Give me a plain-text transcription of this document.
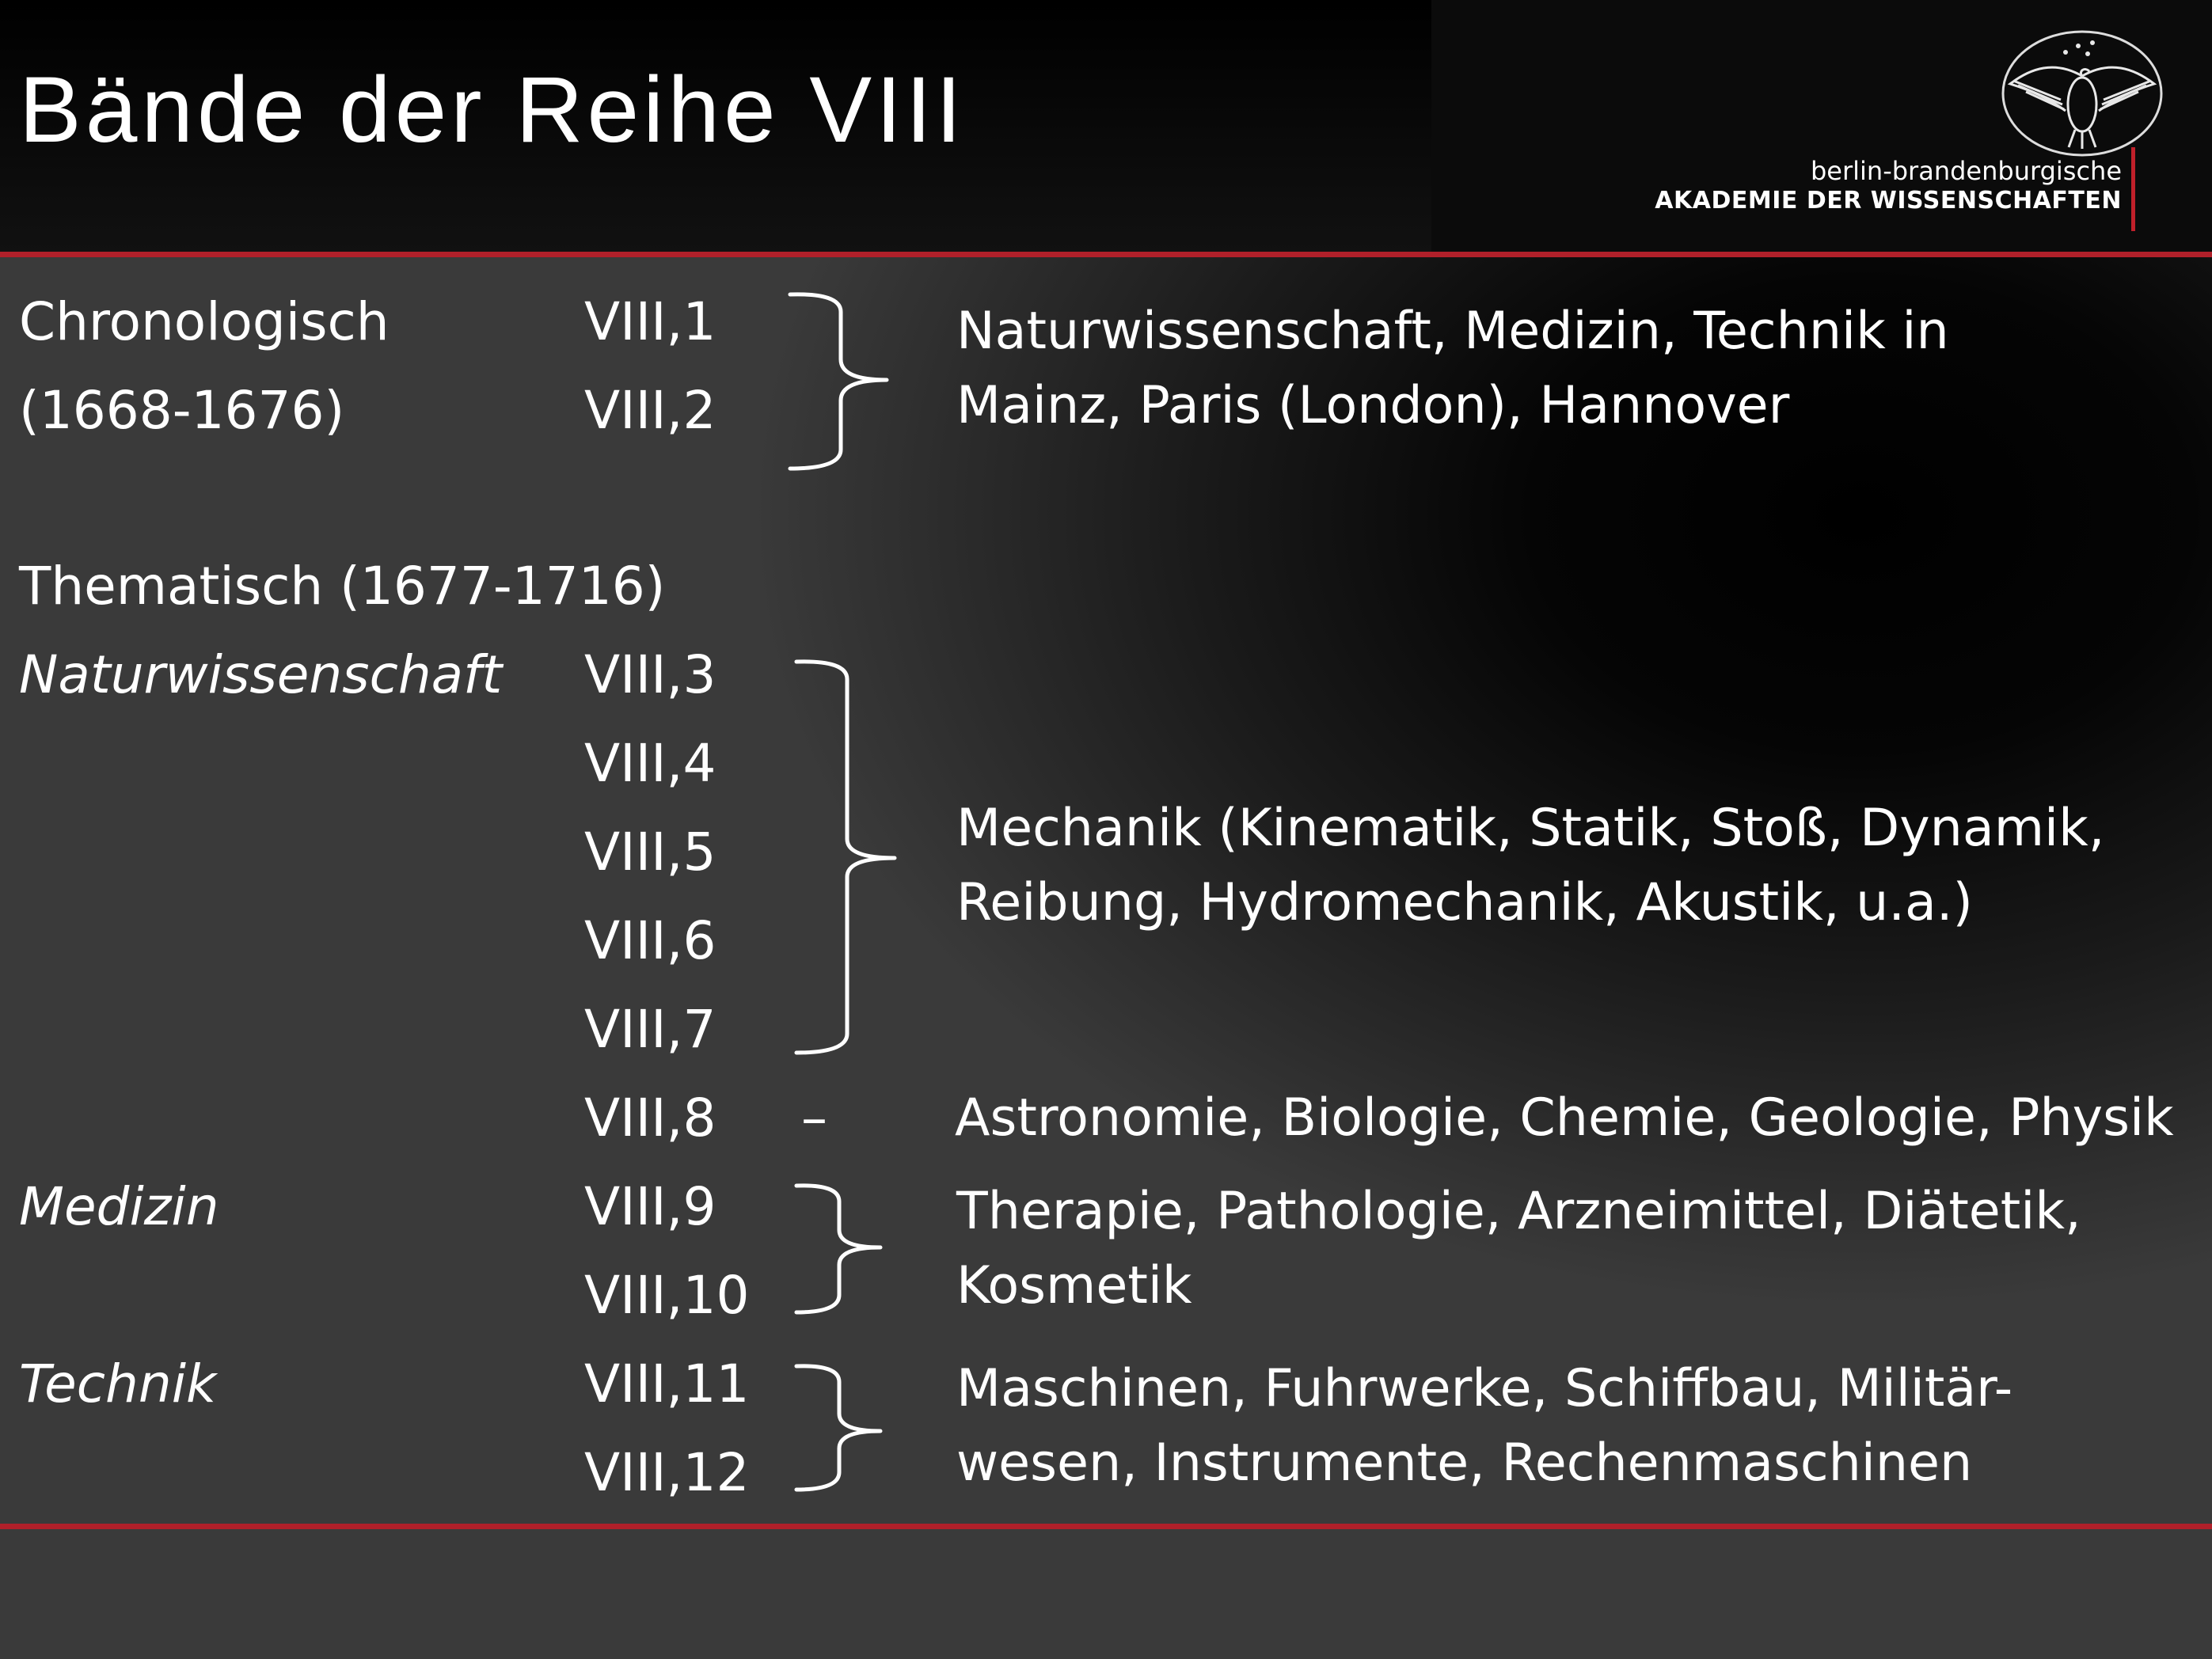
Bände der Reihe VIII
berlin-brandenburgische
AKADEMIE DER WISSENSCHAFTEN
Chronologisch
(1668-1676)
VIII,1
VIII,2
Naturwissenschaft, Medizin, Technik in
Mainz, Paris (London), Hannover
Thematisch (1677-1716)
Naturwissenschaft VIII,3
VIII,4
VIII,5
VIII,6
VIII,7
Mechanik (Kinematik, Statik, Stoß, Dynamik,
Reibung, Hydromechanik, Akustik, u.a.)
VIII,8 – Astronomie, Biologie, Chemie, Geologie, Physik
Medizin	VIII,9
VIII,10
Therapie, Pathologie, Arzneimittel, Diätetik,
Kosmetik
Technik	VIII,11
VIII,12
Maschinen, Fuhrwerke, Schiffbau, Militär-
wesen, Instrumente, Rechenmaschinen
